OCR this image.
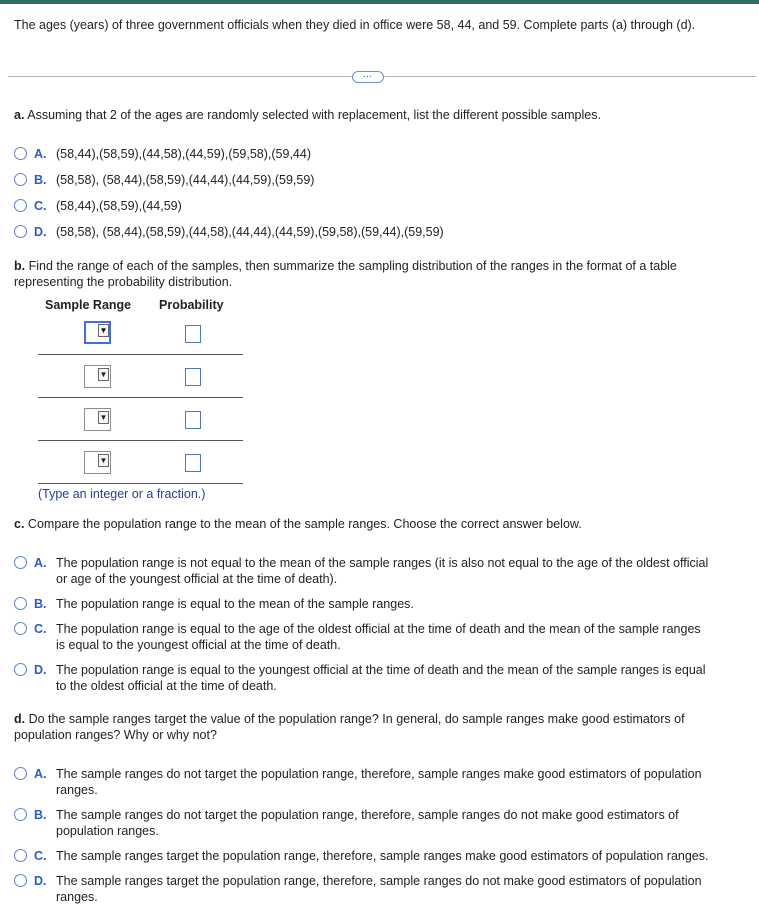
The ages (years) of three government officials when they died in office were 58, 44, and 59. Complete parts (a) through (d).
…
a. Assuming that 2 of the ages are randomly selected with replacement, list the different possible samples.
A. (58,44),(58,59),(44,58),(44,59),(59,58),(59,44)
B. (58,58), (58,44),(58,59),(44,44),(44,59),(59,59)
C. (58,44),(58,59),(44,59)
D. (58,58), (58,44),(58,59),(44,58),(44,44),(44,59),(59,58),(59,44),(59,59)
b. Find the range of each of the samples, then summarize the sampling distribution of the ranges in the format of a table representing the probability distribution.
Sample Range Probability
▼
▼
▼
▼
(Type an integer or a fraction.)
c. Compare the population range to the mean of the sample ranges. Choose the correct answer below.
A. The population range is not equal to the mean of the sample ranges (it is also not equal to the age of the oldest official
or age of the youngest official at the time of death).
B. The population range is equal to the mean of the sample ranges.
C. The population range is equal to the age of the oldest official at the time of death and the mean of the sample ranges
is equal to the youngest official at the time of death.
D. The population range is equal to the youngest official at the time of death and the mean of the sample ranges is equal
to the oldest official at the time of death.
d. Do the sample ranges target the value of the population range? In general, do sample ranges make good estimators of population ranges? Why or why not?
A. The sample ranges do not target the population range, therefore, sample ranges make good estimators of population
ranges.
B. The sample ranges do not target the population range, therefore, sample ranges do not make good estimators of
population ranges.
C. The sample ranges target the population range, therefore, sample ranges make good estimators of population ranges.
D. The sample ranges target the population range, therefore, sample ranges do not make good estimators of population
ranges.
